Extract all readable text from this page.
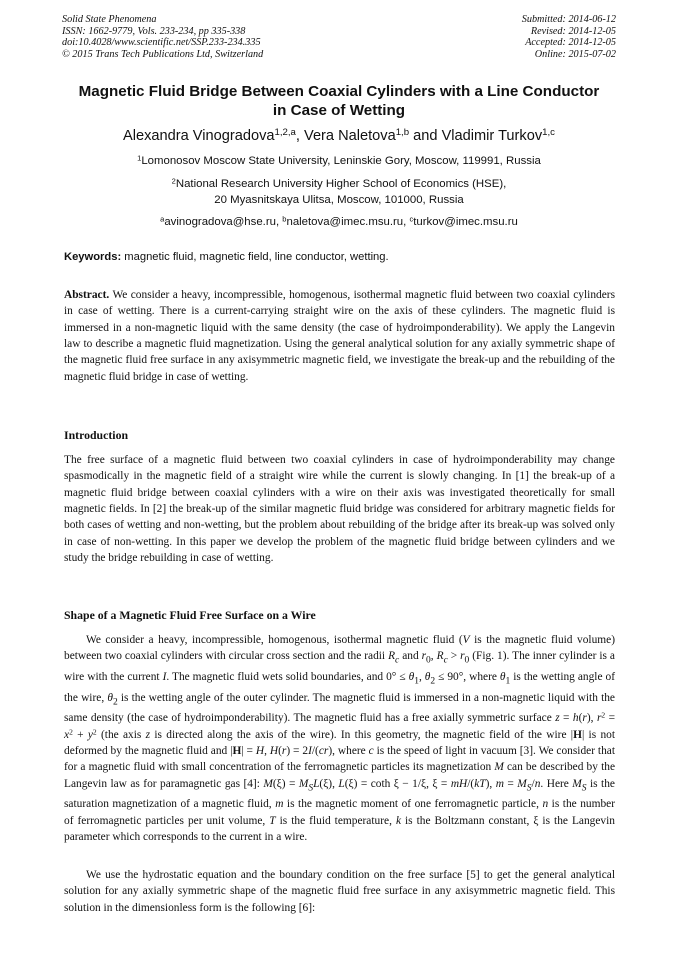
Solid State Phenomena
ISSN: 1662-9779, Vols. 233-234, pp 335-338
doi:10.4028/www.scientific.net/SSP.233-234.335
© 2015 Trans Tech Publications Ltd, Switzerland
Submitted: 2014-06-12
Revised: 2014-12-05
Accepted: 2014-12-05
Online: 2015-07-02
Magnetic Fluid Bridge Between Coaxial Cylinders with a Line Conductor
in Case of Wetting
Alexandra Vinogradova$^{1,2,a}$, Vera Naletova$^{1,b}$ and Vladimir Turkov$^{1,c}$
$^1$Lomonosov Moscow State University, Leninskie Gory, Moscow, 119991, Russia
$^2$National Research University Higher School of Economics (HSE),
20 Myasnitskaya Ulitsa, Moscow, 101000, Russia
$^a$avinogradova@hse.ru, $^b$naletova@imec.msu.ru, $^c$turkov@imec.msu.ru
Keywords: magnetic fluid, magnetic field, line conductor, wetting.
Abstract. We consider a heavy, incompressible, homogenous, isothermal magnetic fluid between two coaxial cylinders in case of wetting. There is a current-carrying straight wire on the axis of these cylinders. The magnetic fluid is immersed in a non-magnetic liquid with the same density (the case of hydroimponderability). We apply the Langevin law to describe a magnetic fluid magnetization. Using the general analytical solution for any axially symmetric shape of the magnetic fluid free surface in any axisymmetric magnetic field, we investigate the break-up and the rebuilding of the magnetic fluid bridge in case of wetting.
Introduction
The free surface of a magnetic fluid between two coaxial cylinders in case of hydroimponderability may change spasmodically in the magnetic field of a straight wire while the current is slowly changing. In [1] the break-up of a magnetic fluid bridge between coaxial cylinders with a wire on their axis was investigated theoretically for small magnetic fields. In [2] the break-up of the similar magnetic fluid bridge was considered for arbitrary magnetic fields for both cases of wetting and non-wetting, but the problem about rebuilding of the bridge after its break-up was solved only in case of non-wetting. In this paper we develop the problem of the magnetic fluid bridge between cylinders and we study the bridge rebuilding in case of wetting.
Shape of a Magnetic Fluid Free Surface on a Wire
We consider a heavy, incompressible, homogenous, isothermal magnetic fluid (V is the magnetic fluid volume) between two coaxial cylinders with circular cross section and the radii $R_c$ and $r_0$, $R_c > r_0$ (Fig. 1). The inner cylinder is a wire with the current I. The magnetic fluid wets solid boundaries, and $0^\circ \le \theta_1$, $\theta_2 \le 90^\circ$, where $\theta_1$ is the wetting angle of the wire, $\theta_2$ is the wetting angle of the outer cylinder. The magnetic fluid is immersed in a non-magnetic liquid with the same density (the case of hydroimponderability). The magnetic fluid has a free axially symmetric surface z = h(r), $r^2 = x^2 + y^2$ (the axis z is directed along the axis of the wire). In this geometry, the magnetic field of the wire |H| is not deformed by the magnetic fluid and |H| = H, H(r) = 2I/(cr), where c is the speed of light in vacuum [3]. We consider that for a magnetic fluid with small concentration of the ferromagnetic particles its magnetization M can be described by the Langevin law as for paramagnetic gas [4]: $M(\xi) = M_SL(\xi)$, L(ξ) = coth ξ − 1/ξ, ξ = mH/(kT), $m = M_S/n$. Here $M_S$ is the saturation magnetization of a magnetic fluid, m is the magnetic moment of one ferromagnetic particle, n is the number of ferromagnetic particles per unit volume, T is the fluid temperature, k is the Boltzmann constant, ξ is the Langevin parameter which corresponds to the current in a wire.
We use the hydrostatic equation and the boundary condition on the free surface [5] to get the general analytical solution for any axially symmetric shape of the magnetic fluid free surface in any axisymmetric magnetic field. This solution in the dimensionless form is the following [6]:
